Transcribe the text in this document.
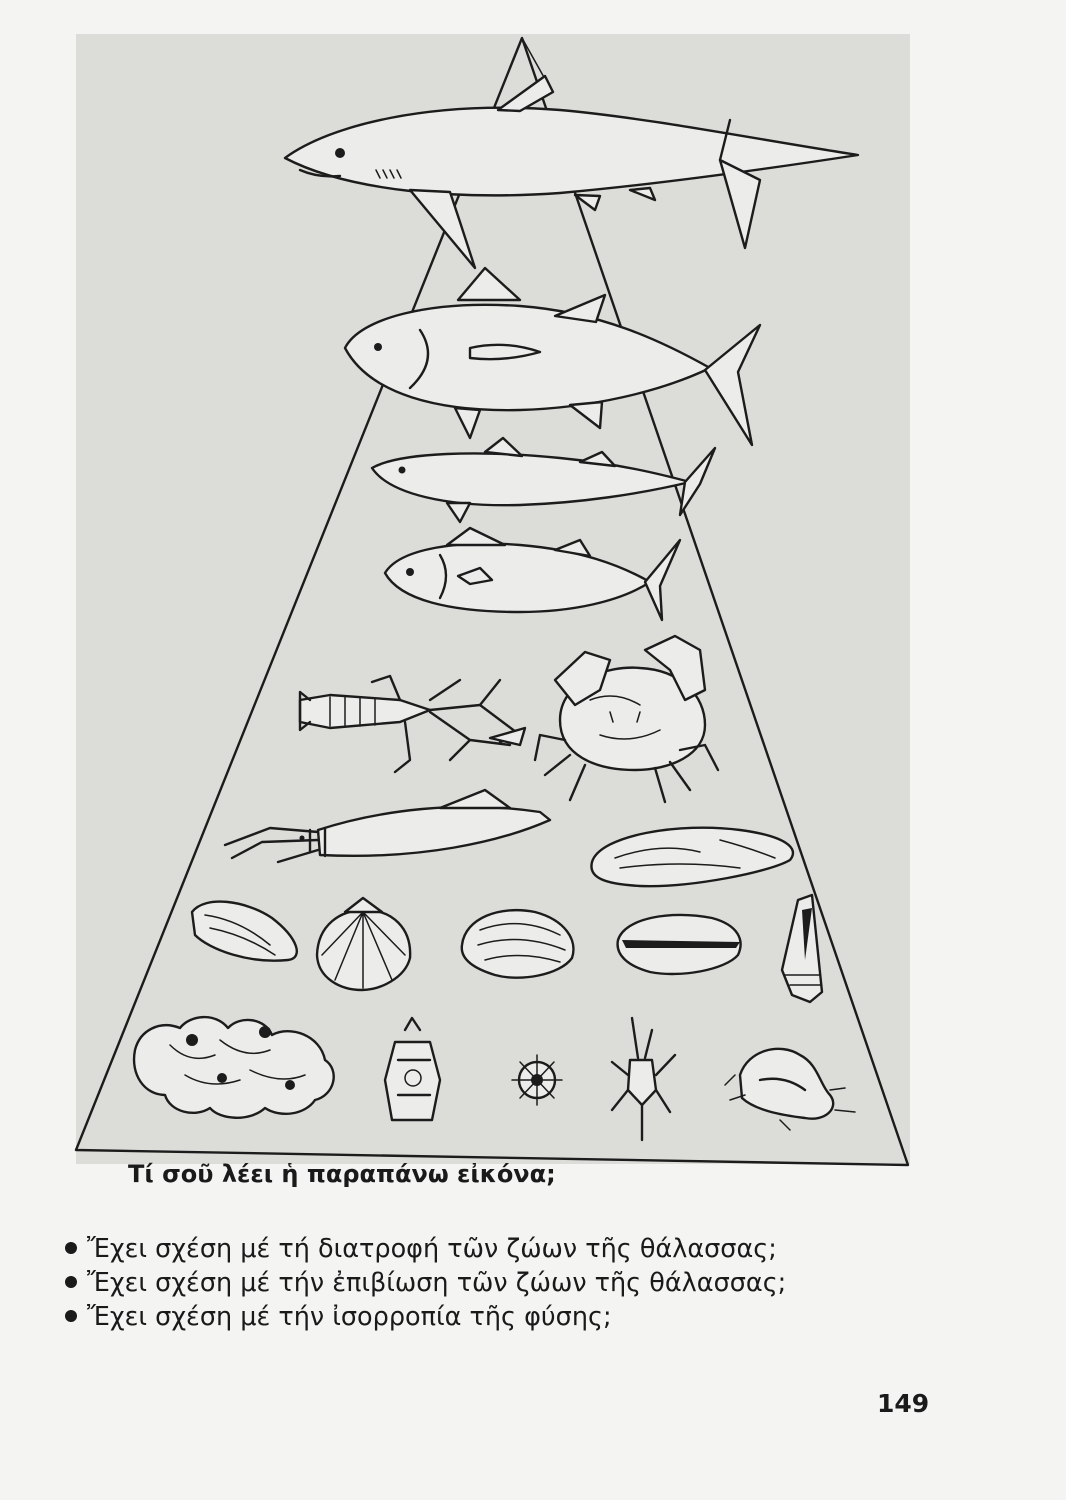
Τί σοῦ λέει ἡ παραπάνω εἰκόνα;

Ἔχει σχέση μέ τή διατροφή τῶν ζώων τῆς θάλασσας;
Ἔχει σχέση μέ τήν ἐπιβίωση τῶν ζώων τῆς θάλασσας;
Ἔχει σχέση μέ τήν ἰσορροπία τῆς φύσης;

149
